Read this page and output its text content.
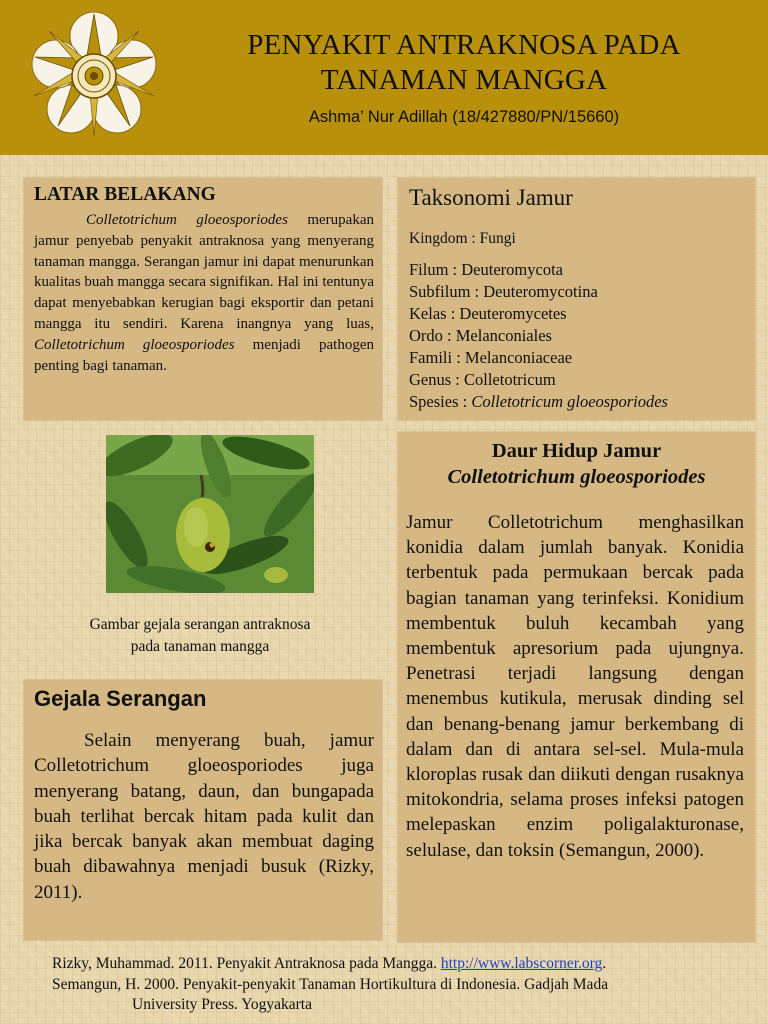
PENYAKIT ANTRAKNOSA PADA
TANAMAN MANGGA
Ashma’ Nur Adillah (18/427880/PN/15660)
LATAR BELAKANG
Colletotrichum gloeosporiodes merupakan jamur penyebab penyakit antraknosa yang menyerang tanaman mangga. Serangan jamur ini dapat menurunkan kualitas buah mangga secara signifikan. Hal ini tentunya dapat menyebabkan kerugian bagi eksportir dan petani mangga itu sendiri. Karena inangnya yang luas, Colletotrichum gloeosporiodes menjadi pathogen penting bagi tanaman.
Taksonomi Jamur
Kingdom : Fungi
Filum : Deuteromycota
Subfilum : Deuteromycotina
Kelas : Deuteromycetes
Ordo : Melanconiales
Famili : Melanconiaceae
Genus : Colletotricum
Spesies : Colletotricum gloeosporiodes
Gambar gejala serangan antraknosa
pada tanaman mangga
Gejala Serangan
Selain menyerang buah, jamur Colletotrichum gloeosporiodes juga menyerang batang, daun, dan bungapada buah terlihat bercak hitam pada kulit dan jika bercak banyak akan membuat daging buah dibawahnya menjadi busuk (Rizky, 2011).
Daur Hidup Jamur
Colletotrichum gloeosporiodes
Jamur Colletotrichum menghasilkan konidia dalam jumlah banyak. Konidia terbentuk pada permukaan bercak pada bagian tanaman yang terinfeksi. Konidium membentuk buluh kecambah yang membentuk apresorium pada ujungnya. Penetrasi terjadi langsung dengan menembus kutikula, merusak dinding sel dan benang-benang jamur berkembang di dalam dan di antara sel-sel. Mula-mula kloroplas rusak dan diikuti dengan rusaknya mitokondria, selama proses infeksi patogen melepaskan enzim poligalakturonase, selulase, dan toksin (Semangun, 2000).

Rizky, Muhammad. 2011. Penyakit Antraknosa pada Mangga. http://www.labscorner.org.

Semangun, H. 2000. Penyakit-penyakit Tanaman Hortikultura di Indonesia. Gadjah Mada
University Press. Yogyakarta
